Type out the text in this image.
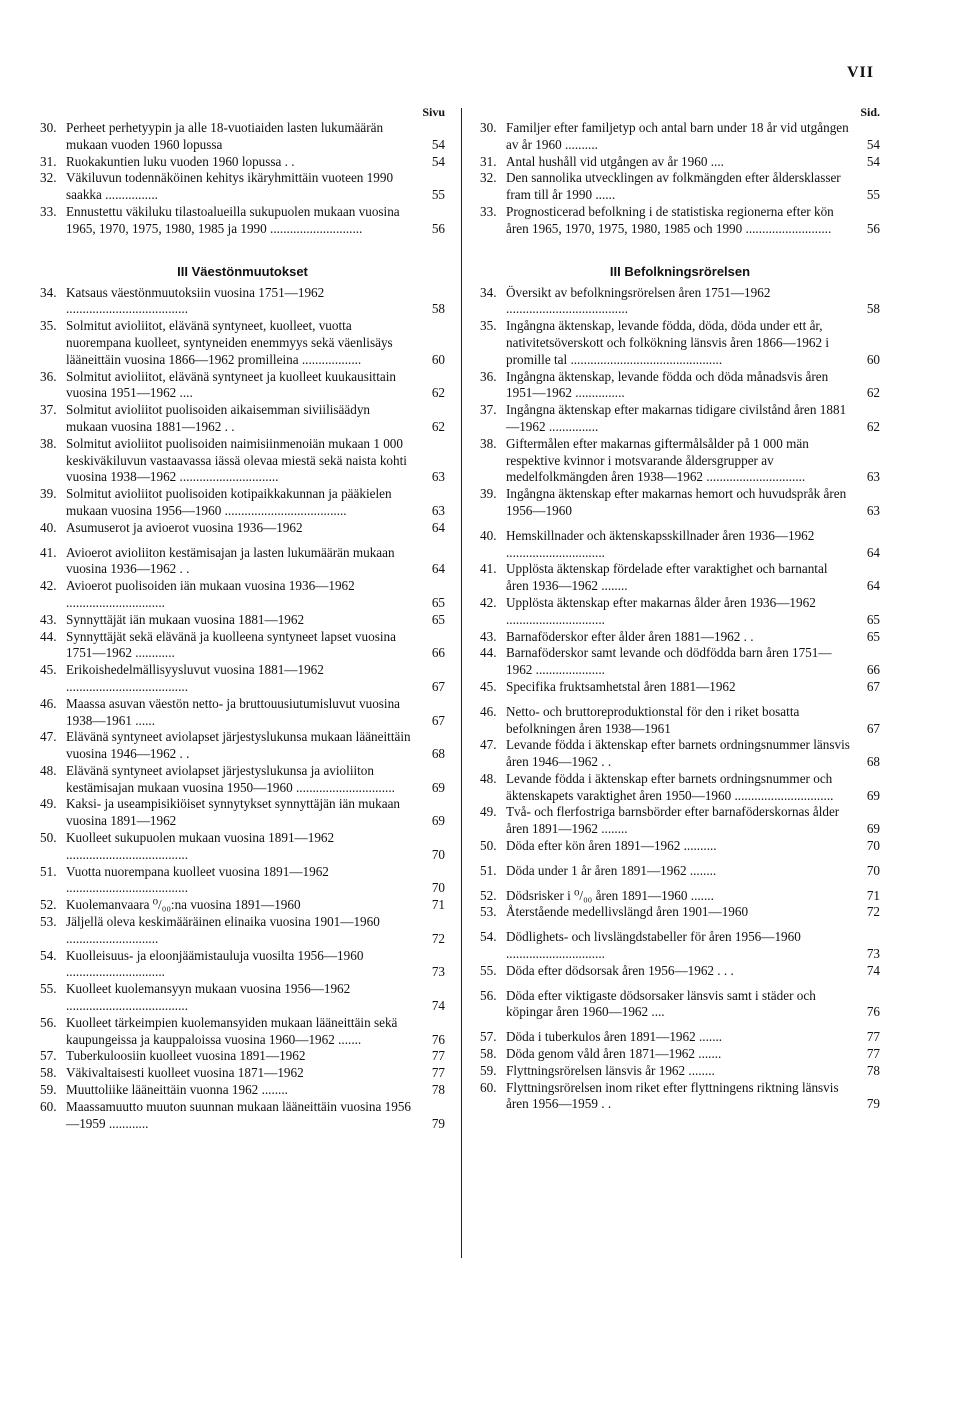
VII
Sivu
30. Perheet perhetyypin ja alle 18-vuotiaiden lasten lukumäärän mukaan vuoden 1960 lopussa	54
31. Ruokakuntien luku vuoden 1960 lopussa . .	54
32. Väkiluvun todennäköinen kehitys ikäryhmittäin vuoteen 1990 saakka ................	55
33. Ennustettu väkiluku tilastoalueilla sukupuolen mukaan vuosina 1965, 1970, 1975, 1980, 1985 ja 1990 ............................	56
III Väestönmuutokset
34. Katsaus väestönmuutoksiin vuosina 1751—1962 .....................................	58
35. Solmitut avioliitot, elävänä syntyneet, kuolleet, vuotta nuorempana kuolleet, syntyneiden enemmyys sekä väenlisäys lääneittäin vuosina 1866—1962 promilleina ..................	60
36. Solmitut avioliitot, elävänä syntyneet ja kuolleet kuukausittain vuosina 1951—1962 ....	62
37. Solmitut avioliitot puolisoiden aikaisemman siviilisäädyn mukaan vuosina 1881—1962 . .	62
38. Solmitut avioliitot puolisoiden naimisiinmenoiän mukaan 1 000 keskiväkiluvun vastaavassa iässä olevaa miestä sekä naista kohti vuosina 1938—1962 ..............................	63
39. Solmitut avioliitot puolisoiden kotipaikkakunnan ja pääkielen mukaan vuosina 1956—1960 .....................................	63
40. Asumuserot ja avioerot vuosina 1936—1962	64
41. Avioerot avioliiton kestämisajan ja lasten lukumäärän mukaan vuosina 1936—1962 . .	64
42. Avioerot puolisoiden iän mukaan vuosina 1936—1962 ..............................	65
43. Synnyttäjät iän mukaan vuosina 1881—1962	65
44. Synnyttäjät sekä elävänä ja kuolleena syntyneet lapset vuosina 1751—1962 ............	66
45. Erikoishedelmällisyysluvut vuosina 1881—1962 .....................................	67
46. Maassa asuvan väestön netto- ja bruttouusiutumisluvut vuosina 1938—1961 ......	67
47. Elävänä syntyneet aviolapset järjestyslukunsa mukaan lääneittäin vuosina 1946—1962 . .	68
48. Elävänä syntyneet aviolapset järjestyslukunsa ja avioliiton kestämisajan mukaan vuosina 1950—1960 ..............................	69
49. Kaksi- ja useampisikiöiset synnytykset synnyttäjän iän mukaan vuosina 1891—1962	69
50. Kuolleet sukupuolen mukaan vuosina 1891—1962 .....................................	70
51. Vuotta nuorempana kuolleet vuosina 1891—1962 .....................................	70
52. Kuolemanvaara ⁰/₀₀:na vuosina 1891—1960	71
53. Jäljellä oleva keskimääräinen elinaika vuosina 1901—1960 ............................	72
54. Kuolleisuus- ja eloonjäämistauluja vuosilta 1956—1960 ..............................	73
55. Kuolleet kuolemansyyn mukaan vuosina 1956—1962 .....................................	74
56. Kuolleet tärkeimpien kuolemansyiden mukaan lääneittäin sekä kaupungeissa ja kauppaloissa vuosina 1960—1962 .......	76
57. Tuberkuloosiin kuolleet vuosina 1891—1962	77
58. Väkivaltaisesti kuolleet vuosina 1871—1962	77
59. Muuttoliike lääneittäin vuonna 1962 ........	78
60. Maassamuutto muuton suunnan mukaan lääneittäin vuosina 1956—1959 ............	79
Sid.
30. Familjer efter familjetyp och antal barn under 18 år vid utgången av år 1960 ..........	54
31. Antal hushåll vid utgången av år 1960 ....	54
32. Den sannolika utvecklingen av folkmängden efter åldersklasser fram till år 1990 ......	55
33. Prognosticerad befolkning i de statistiska regionerna efter kön åren 1965, 1970, 1975, 1980, 1985 och 1990 ..........................	56
III Befolkningsrörelsen
34. Översikt av befolkningsrörelsen åren 1751—1962 .....................................	58
35. Ingångna äktenskap, levande födda, döda, döda under ett år, nativitetsöverskott och folkökning länsvis åren 1866—1962 i promille tal ..............................................	60
36. Ingångna äktenskap, levande födda och döda månadsvis åren 1951—1962 ...............	62
37. Ingångna äktenskap efter makarnas tidigare civilstånd åren 1881—1962 ...............	62
38. Giftermålen efter makarnas giftermålsålder på 1 000 män respektive kvinnor i motsvarande åldersgrupper av medelfolkmängden åren 1938—1962 ..............................	63
39. Ingångna äktenskap efter makarnas hemort och huvudspråk åren 1956—1960	63
40. Hemskillnader och äktenskapsskillnader åren 1936—1962 ..............................	64
41. Upplösta äktenskap fördelade efter varaktighet och barnantal åren 1936—1962 ........	64
42. Upplösta äktenskap efter makarnas ålder åren 1936—1962 ..............................	65
43. Barnaföderskor efter ålder åren 1881—1962 . .	65
44. Barnaföderskor samt levande och dödfödda barn åren 1751—1962 .....................	66
45. Specifika fruktsamhetstal åren 1881—1962	67
46. Netto- och bruttoreproduktionstal för den i riket bosatta befolkningen åren 1938—1961	67
47. Levande födda i äktenskap efter barnets ordningsnummer länsvis åren 1946—1962 . .	68
48. Levande födda i äktenskap efter barnets ordningsnummer och äktenskapets varaktighet åren 1950—1960 ..............................	69
49. Två- och flerfostriga barnsbörder efter barnaföderskornas ålder åren 1891—1962 ........	69
50. Döda efter kön åren 1891—1962 ..........	70
51. Döda under 1 år åren 1891—1962 ........	70
52. Dödsrisker i ⁰/₀₀ åren 1891—1960 .......	71
53. Återstående medellivslängd åren 1901—1960	72
54. Dödlighets- och livslängdstabeller för åren 1956—1960 ..............................	73
55. Döda efter dödsorsak åren 1956—1962 . . .	74
56. Döda efter viktigaste dödsorsaker länsvis samt i städer och köpingar åren 1960—1962 ....	76
57. Döda i tuberkulos åren 1891—1962 .......	77
58. Döda genom våld åren 1871—1962 .......	77
59. Flyttningsrörelsen länsvis år 1962 ........	78
60. Flyttningsrörelsen inom riket efter flyttningens riktning länsvis åren 1956—1959 . .	79
